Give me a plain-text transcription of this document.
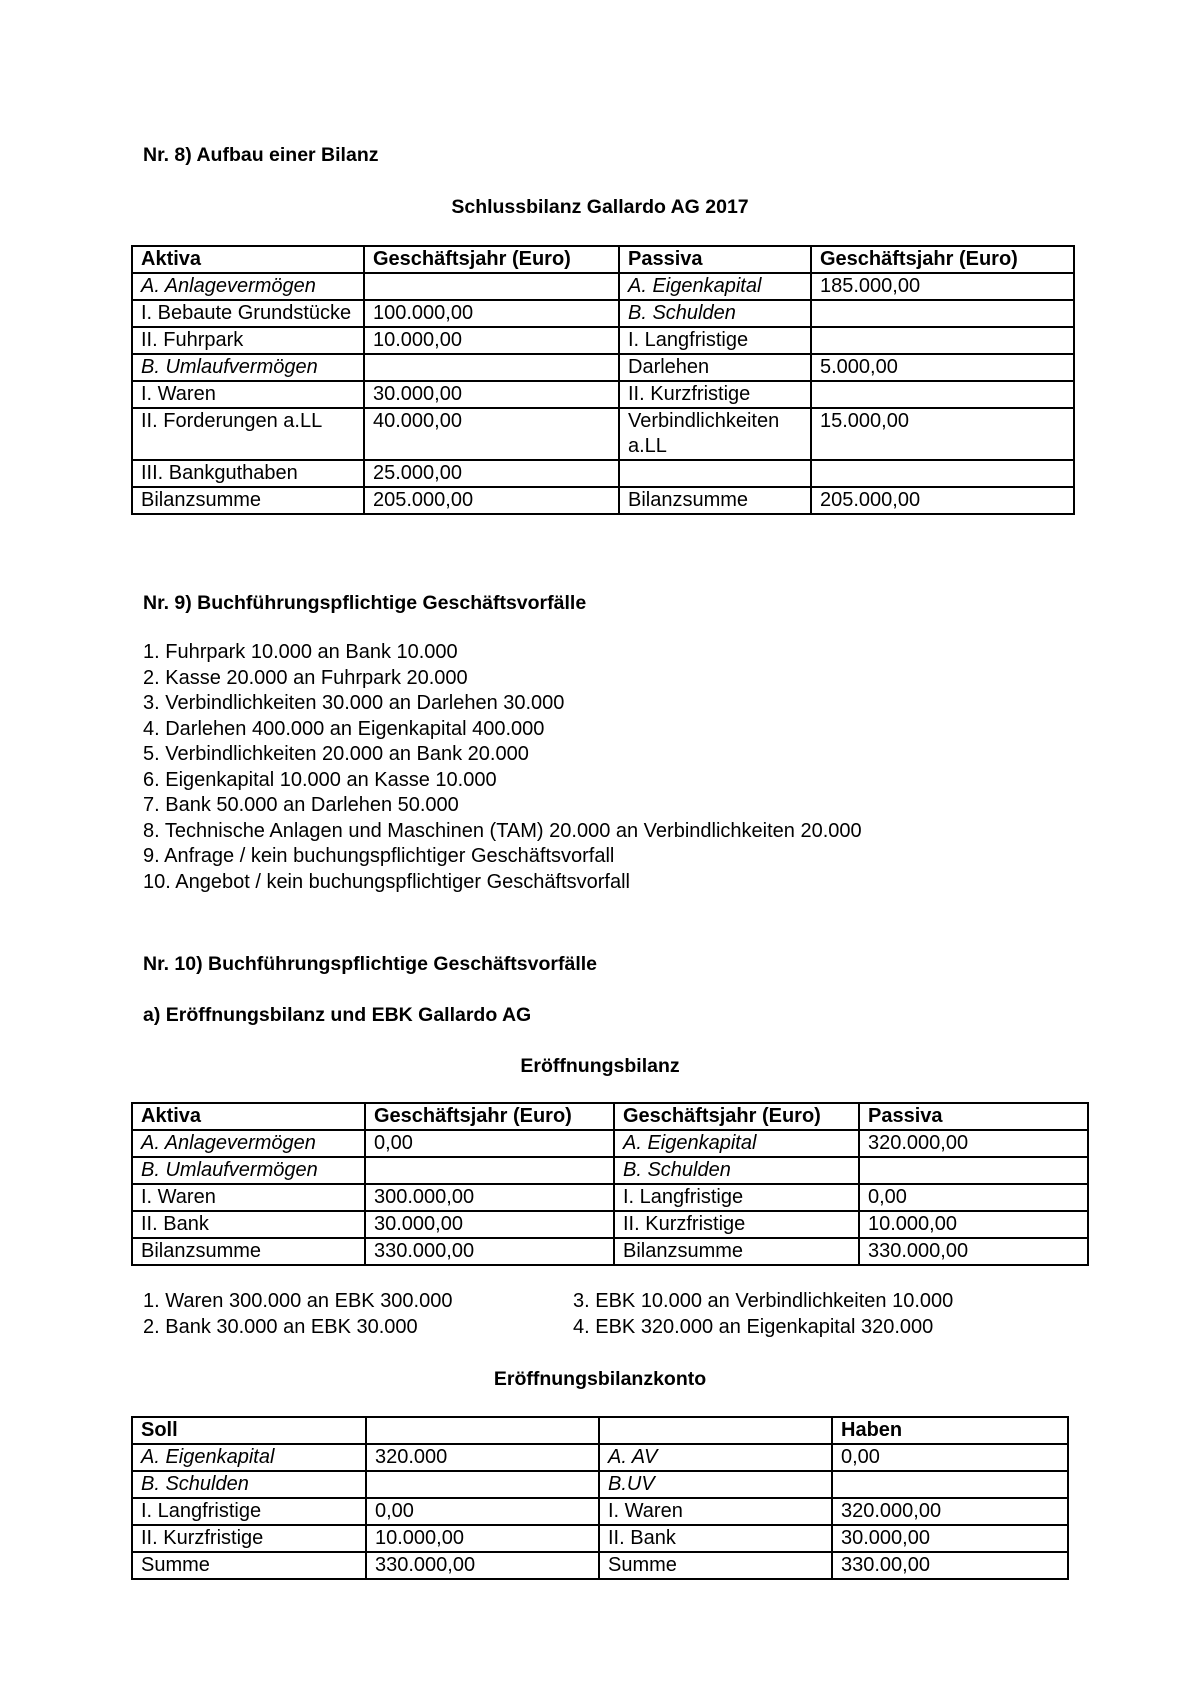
Nr. 8) Aufbau einer Bilanz
Schlussbilanz Gallardo AG 2017
Aktiva	Geschäftsjahr (Euro)	Passiva	Geschäftsjahr (Euro)
A. Anlagevermögen		A. Eigenkapital	185.000,00
I. Bebaute Grundstücke	100.000,00	B. Schulden	
II. Fuhrpark	10.000,00	I. Langfristige	
B. Umlaufvermögen		Darlehen	5.000,00
I. Waren	30.000,00	II. Kurzfristige	
II. Forderungen a.LL	40.000,00	Verbindlichkeiten a.LL	15.000,00
III. Bankguthaben	25.000,00		
Bilanzsumme	205.000,00	Bilanzsumme	205.000,00
Nr. 9) Buchführungspflichtige Geschäftsvorfälle
1. Fuhrpark 10.000 an Bank 10.000
2. Kasse 20.000 an Fuhrpark 20.000
3. Verbindlichkeiten 30.000 an Darlehen 30.000
4. Darlehen 400.000 an Eigenkapital 400.000
5. Verbindlichkeiten 20.000 an Bank 20.000
6. Eigenkapital 10.000 an Kasse 10.000
7. Bank 50.000 an Darlehen 50.000
8. Technische Anlagen und Maschinen (TAM) 20.000 an Verbindlichkeiten 20.000
9. Anfrage / kein buchungspflichtiger Geschäftsvorfall
10. Angebot / kein buchungspflichtiger Geschäftsvorfall
Nr. 10) Buchführungspflichtige Geschäftsvorfälle
a) Eröffnungsbilanz und EBK Gallardo AG
Eröffnungsbilanz
Aktiva	Geschäftsjahr (Euro)	Geschäftsjahr (Euro)	Passiva
A. Anlagevermögen	0,00	A. Eigenkapital	320.000,00
B. Umlaufvermögen		B. Schulden	
I. Waren	300.000,00	I. Langfristige	0,00
II. Bank	30.000,00	II. Kurzfristige	10.000,00
Bilanzsumme	330.000,00	Bilanzsumme	330.000,00
1. Waren 300.000 an EBK 300.000
2. Bank 30.000 an EBK 30.000
3. EBK 10.000 an Verbindlichkeiten 10.000
4. EBK 320.000 an Eigenkapital 320.000
Eröffnungsbilanzkonto
Soll			Haben
A. Eigenkapital	320.000	A. AV	0,00
B. Schulden		B.UV	
I. Langfristige	0,00	I. Waren	320.000,00
II. Kurzfristige	10.000,00	II. Bank	30.000,00
Summe	330.000,00	Summe	330.00,00
